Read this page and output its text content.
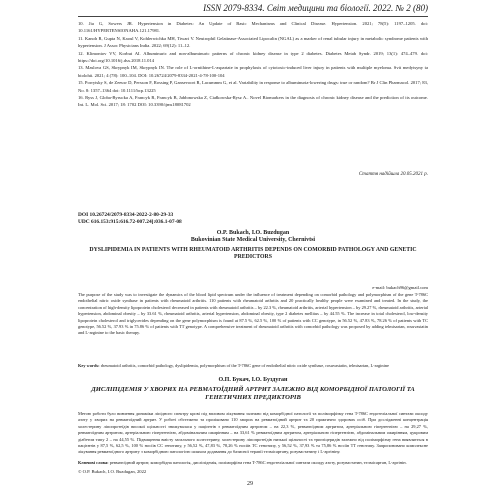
ISSN 2079-8334. Світ медицини та біології. 2022. № 2 (80)

10. Jia G, Sowers JR. Hypertension in Diabetes: An Update of Basic Mechanisms and Clinical Disease. Hypertension. 2021; 78(5): 1197–1205. doi: 10.1161/HYPERTENSIONAHA.121.17981.

11. Kanoh R, Gupta N, Kaoul V, Kohlerwichka MH, Tiwari V. Neutrophil Gelatinase-Associated Lipocalin (NGAL) as a marker of renal tubular injury in metabolic syndrome patients with hypertension. J Assoc Physicians India. 2022; 69(12): 11–12.

12. Klimontov VV, Korbut AI. Albuminuric and non-albuminuric patterns of chronic kidney disease in type 2 diabetes. Diabetes Metab Syndr. 2019; 13(1): 474–479. doi: https://doi.org/10.1016/j.dsx.2018.11.014

13. Maslova GS, Skrypnyk IM, Skrypnyk IN. The role of L-ornithine-L-aspartate in prophylaxis of cytotoxic-induced liver injury in patients with multiple myeloma. Svit medytsyny ta biolohii. 2021; 4 (78): 100–104. DOI: 10.26724/2079-8334-2021-4-78-100-104

15. Porrytsky S, de Zeeuw D, Persson F, Rossing P, Gansevoort R, Lacummm G, et al. Variability in response to albuminuria-lowering drugs: true or random? Br J Clin Pharmacol. 2017; 83, No. 8: 1357–1364 doi: 10.1111/bcp.13225

16. Ryss J, Globa-Byrucka A, Francyk R, Francyk B, Jabłonowska Z, Ciałkowska-Rysz A.. Novel Biomarkers in the diagnosis of chronic kidney disease and the prediction of its outcome. Int. L. Mol. Sci. 2017; 18: 1702 DOI: 10.3390/ijms18081702

Стаття надійшла 20.05.2021 р.
DOI 10.26724/2079-8334-2022-2-80-29-33
UDC 616.153:915:616.72-007.24]:036.1-07-08
O.P. Bukach, I.O. Buzdugan
Bukovinian State Medical University, Chernivtsi
DYSLIPIDEMIA IN PATIENTS WITH RHEUMATOID ARTHRITIS DEPENDS ON COMORBID PATHOLOGY AND GENETIC PREDICTORS
e-mail: bukach96@gmail.com

The purpose of the study was to investigate the dynamics of the blood lipid spectrum under the influence of treatment depending on comorbid pathology and polymorphism of the gene T-786C endothelial nitric oxide synthase in patients with rheumatoid arthritis. 110 patients with rheumatoid arthritis and 20 practically healthy people were examined and treated. In the study, the concentration of high-density lipoprotein cholesterol decreased in patients with rheumatoid arthritis – by 22.3 %, rheumatoid arthritis, arterial hypertension – by 29.27 %, rheumatoid arthritis, arterial hypertension, abdominal obesity – by 33.61 %, rheumatoid arthritis, arterial hypertension, abdominal obesity, type 2 diabetes mellitus – by 44.55 %. The increase in total cholesterol, low-density lipoprotein cholesterol and triglycerides depending on the gene polymorphism is found at 87.5 %, 62.5 %, 100 % of patients with CC genotype, in 56.52 %, 47.83 %, 78.26 % of patients with TC genotype, 56.52 %, 37.93 % in 75.86 % of patients with TT genotype. A comprehensive treatment of rheumatoid arthritis with comorbid pathology was proposed by adding telmisartan, rosuvastatin and L-arginine to the basic therapy.

Key words: rheumatoid arthritis, comorbid pathology, dyslipidemia, polymorphism of the T-786C gene of endothelial nitric oxide synthase, rosuvastatin, telmisartan, L-arginine

О.П. Букач, І.О. Буздуган
ДИСЛІПІДЕМІЯ У ХВОРИХ НА РЕВМАТОЇДНИЙ АРТРИТ ЗАЛЕЖНО ВІД КОМОРБІДНОЇ ПАТОЛОГІЇ ТА ГЕНЕТИЧНИХ ПРЕДИКТОРІВ

Метою роботи було вивчення динаміки ліпідного спектру крові під впливом лікування залежно від коморбідної патології та поліморфізму гена T-786C ендотеліальної синтази оксиду азоту у хворих на ревматоїдний артрит. У роботі обстежено та проліковано 110 хворих на ревматоїдний артрит та 20 практично здорових осіб. При дослідженні концентрація холестерину ліпопротеїдів високої щільності знижувалася у пацієнтів з ревматоїдним артритом – на 22,3 %, ревматоїдним артритом, артеріальною гіпертензією – на 29,27 %, ревматоїдним артритом, артеріальною гіпертензією, абдомінальним ожирінням – на 33,61 % ревматоїдним артритом, артеріальною гіпертензією, абдомінальним ожирінням, цукровим діабетом типу 2 – на 44,55 %. Підвищення вмісту загального холестерину, холестерину ліпопротеїдів низької щільності та тригліцеридів залежно від поліморфізму гена виявляється в пацієнтів у 87,5 %, 62,5 %, 100 % носіїв CC генотипу, у 56,52 %, 47,83 %, 78,26 % носіїв TC генотипу, у 56,52 %, 37,93 % та 75,86 % носіїв TT генотипу. Запропоновано комплексне лікування ревматоїдного артриту з коморбідною патологією шляхом додавання до базисної терапії телмісартану, розувастатину і L-аргініну.

Ключові слова: ревматоїдний артрит, коморбідна патологія, дисліпідемія, поліморфізм гена T-786C ендотеліальної синтази оксиду азоту, розувастатин, телмісартан, L-аргінін.

© O.P. Bukach, I.O. Buzdugan, 2022
29
